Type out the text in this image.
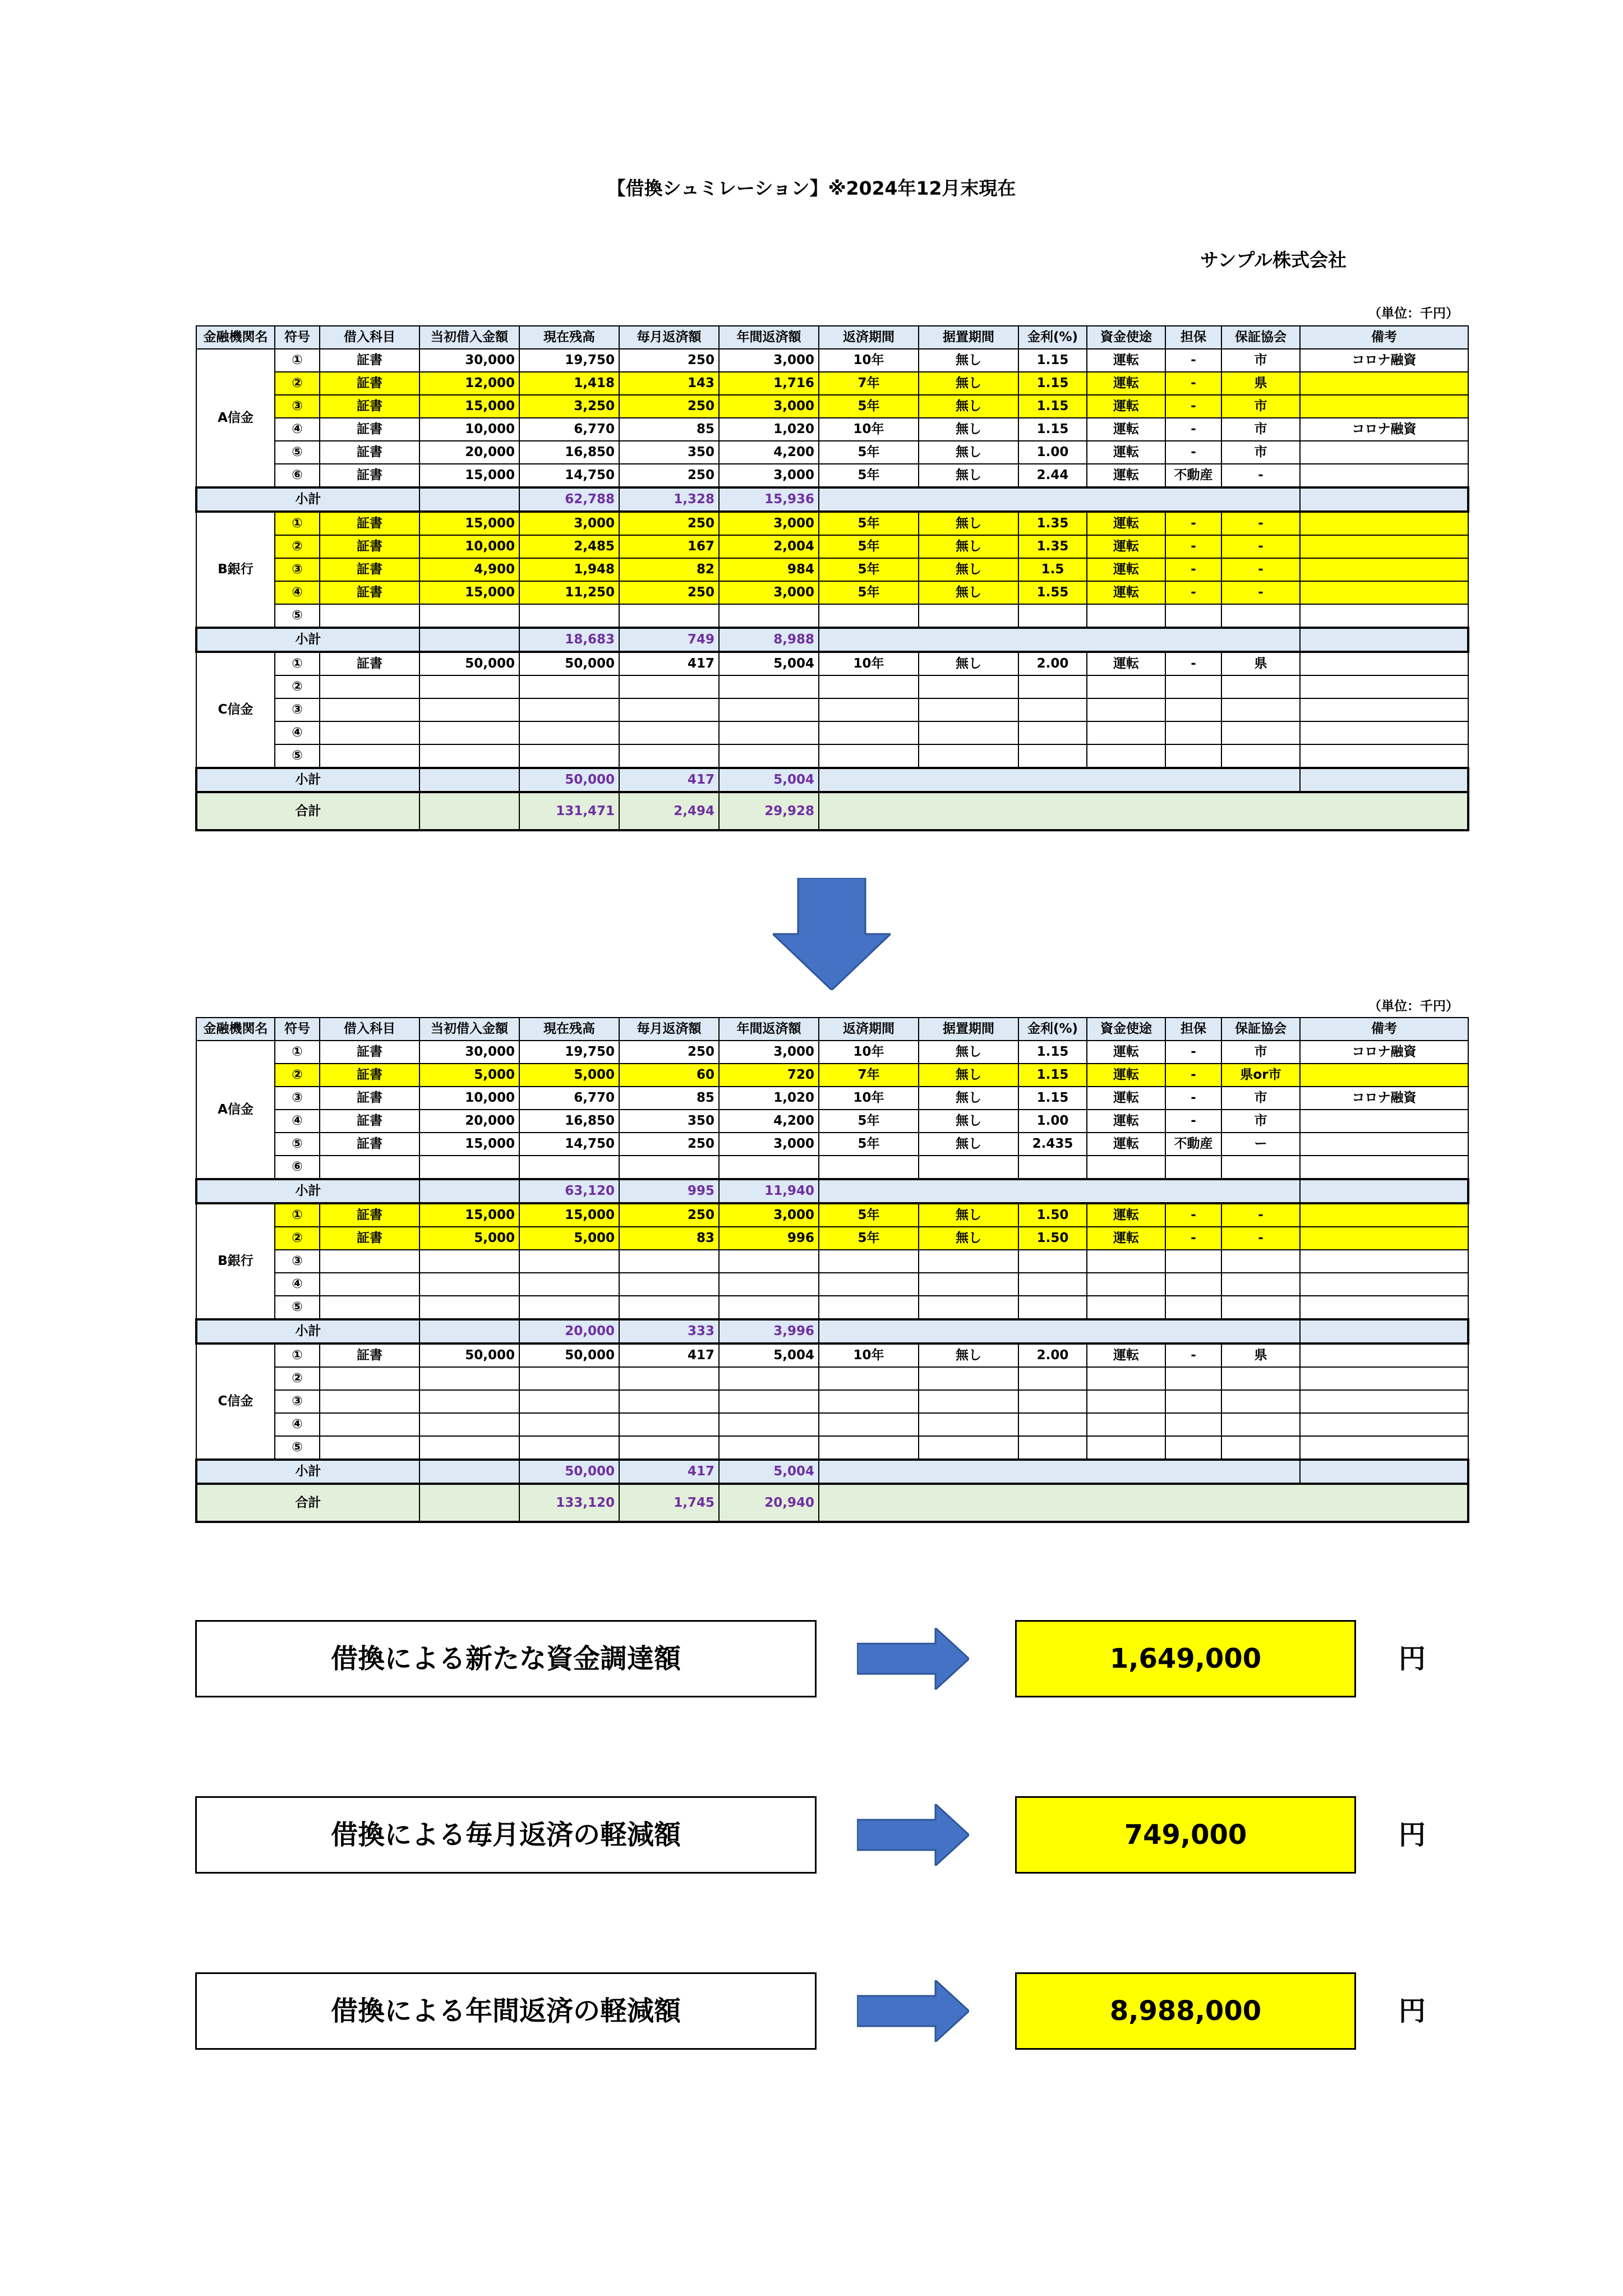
【借換シュミレーション】※2024年12月末現在
サンプル株式会社
（単位：千円）
金融機関名	符号	借入科目	当初借入金額	現在残高	毎月返済額	年間返済額	返済期間	据置期間	金利(%)	資金使途	担保	保証協会	備考
A信金	①	証書	30,000	19,750	250	3,000	10年	無し	1.15	運転	-	市	コロナ融資
	②	証書	12,000	1,418	143	1,716	7年	無し	1.15	運転	-	県	
	③	証書	15,000	3,250	250	3,000	5年	無し	1.15	運転	-	市	
	④	証書	10,000	6,770	85	1,020	10年	無し	1.15	運転	-	市	コロナ融資
	⑤	証書	20,000	16,850	350	4,200	5年	無し	1.00	運転	-	市	
	⑥	証書	15,000	14,750	250	3,000	5年	無し	2.44	運転	不動産	-	
小計				62,788	1,328	15,936							
B銀行	①	証書	15,000	3,000	250	3,000	5年	無し	1.35	運転	-	-	
	②	証書	10,000	2,485	167	2,004	5年	無し	1.35	運転	-	-	
	③	証書	4,900	1,948	82	984	5年	無し	1.5	運転	-	-	
	④	証書	15,000	11,250	250	3,000	5年	無し	1.55	運転	-	-	
	⑤												
小計				18,683	749	8,988							
C信金	①	証書	50,000	50,000	417	5,004	10年	無し	2.00	運転	-	県	
	②												
	③												
	④												
	⑤												
小計				50,000	417	5,004							
合計				131,471	2,494	29,928							
（単位：千円）
金融機関名	符号	借入科目	当初借入金額	現在残高	毎月返済額	年間返済額	返済期間	据置期間	金利(%)	資金使途	担保	保証協会	備考
A信金	①	証書	30,000	19,750	250	3,000	10年	無し	1.15	運転	-	市	コロナ融資
	②	証書	5,000	5,000	60	720	7年	無し	1.15	運転	-	県or市	
	③	証書	10,000	6,770	85	1,020	10年	無し	1.15	運転	-	市	コロナ融資
	④	証書	20,000	16,850	350	4,200	5年	無し	1.00	運転	-	市	
	⑤	証書	15,000	14,750	250	3,000	5年	無し	2.435	運転	不動産	ー	
	⑥												
小計				63,120	995	11,940							
B銀行	①	証書	15,000	15,000	250	3,000	5年	無し	1.50	運転	-	-	
	②	証書	5,000	5,000	83	996	5年	無し	1.50	運転	-	-	
	③												
	④												
	⑤												
小計				20,000	333	3,996							
C信金	①	証書	50,000	50,000	417	5,004	10年	無し	2.00	運転	-	県	
	②												
	③												
	④												
	⑤												
小計				50,000	417	5,004							
合計				133,120	1,745	20,940							
借換による新たな資金調達額	1,649,000	円
借換による毎月返済の軽減額	749,000	円
借換による年間返済の軽減額	8,988,000	円
